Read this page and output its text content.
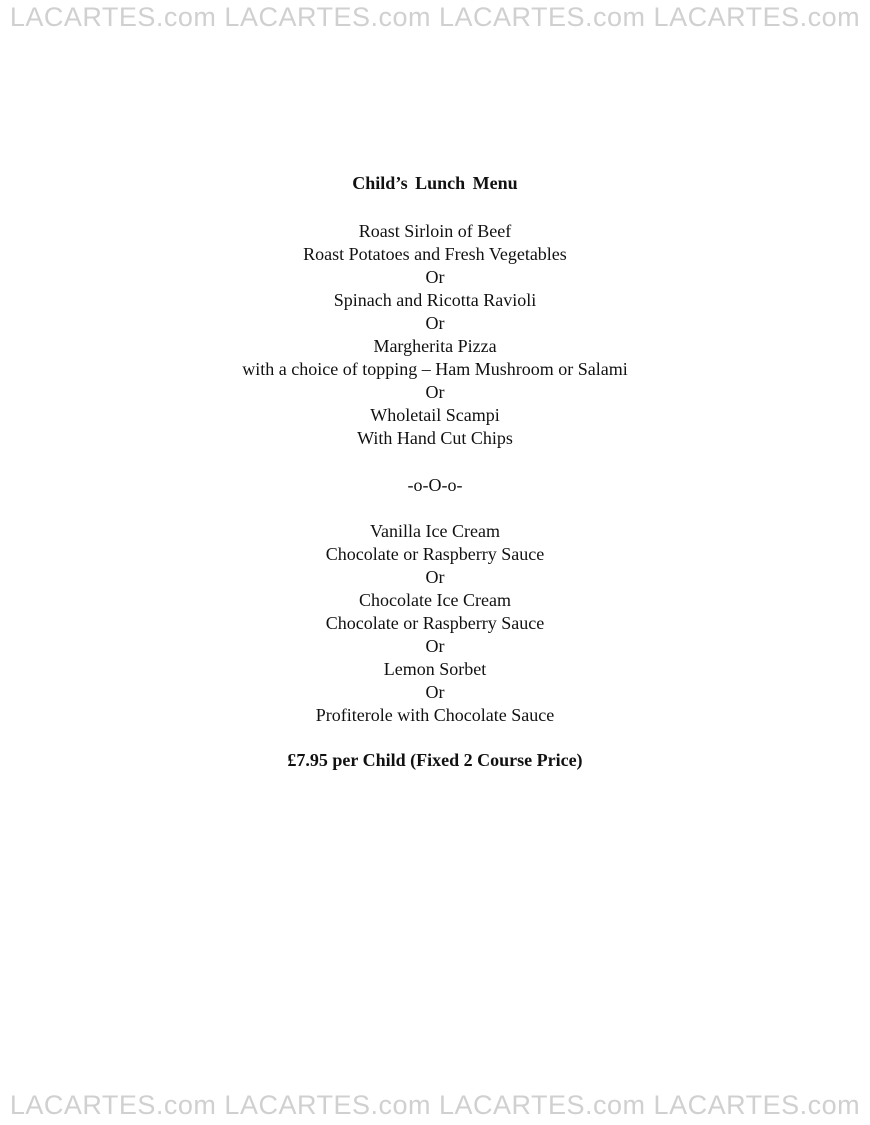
LACARTES.com LACARTES.com LACARTES.com LACARTES.com
Child’s Lunch Menu
Roast Sirloin of Beef
Roast Potatoes and Fresh Vegetables
Or
Spinach and Ricotta Ravioli
Or
Margherita Pizza
with a choice of topping – Ham Mushroom or Salami
Or
Wholetail Scampi
With Hand Cut Chips
-o-O-o-
Vanilla Ice Cream
Chocolate or Raspberry Sauce
Or
Chocolate Ice Cream
Chocolate or Raspberry Sauce
Or
Lemon Sorbet
Or
Profiterole with Chocolate Sauce
£7.95 per Child (Fixed 2 Course Price)
LACARTES.com LACARTES.com LACARTES.com LACARTES.com
